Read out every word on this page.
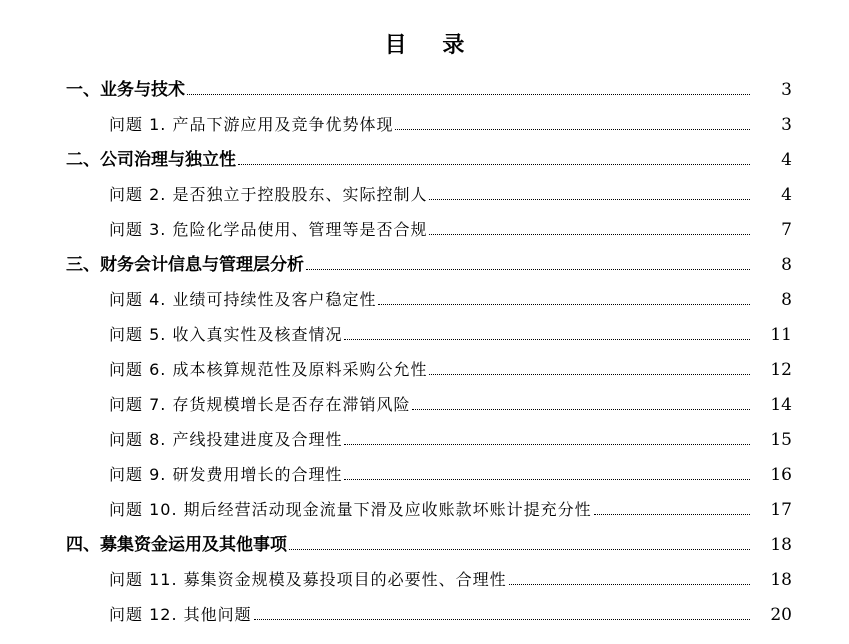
目 录
一、业务与技术	3
问题 1. 产品下游应用及竞争优势体现	3
二、公司治理与独立性	4
问题 2. 是否独立于控股股东、实际控制人	4
问题 3. 危险化学品使用、管理等是否合规	7
三、财务会计信息与管理层分析	8
问题 4. 业绩可持续性及客户稳定性	8
问题 5. 收入真实性及核查情况	11
问题 6. 成本核算规范性及原料采购公允性	12
问题 7. 存货规模增长是否存在滞销风险	14
问题 8. 产线投建进度及合理性	15
问题 9. 研发费用增长的合理性	16
问题 10. 期后经营活动现金流量下滑及应收账款坏账计提充分性	17
四、募集资金运用及其他事项	18
问题 11. 募集资金规模及募投项目的必要性、合理性	18
问题 12. 其他问题	20
